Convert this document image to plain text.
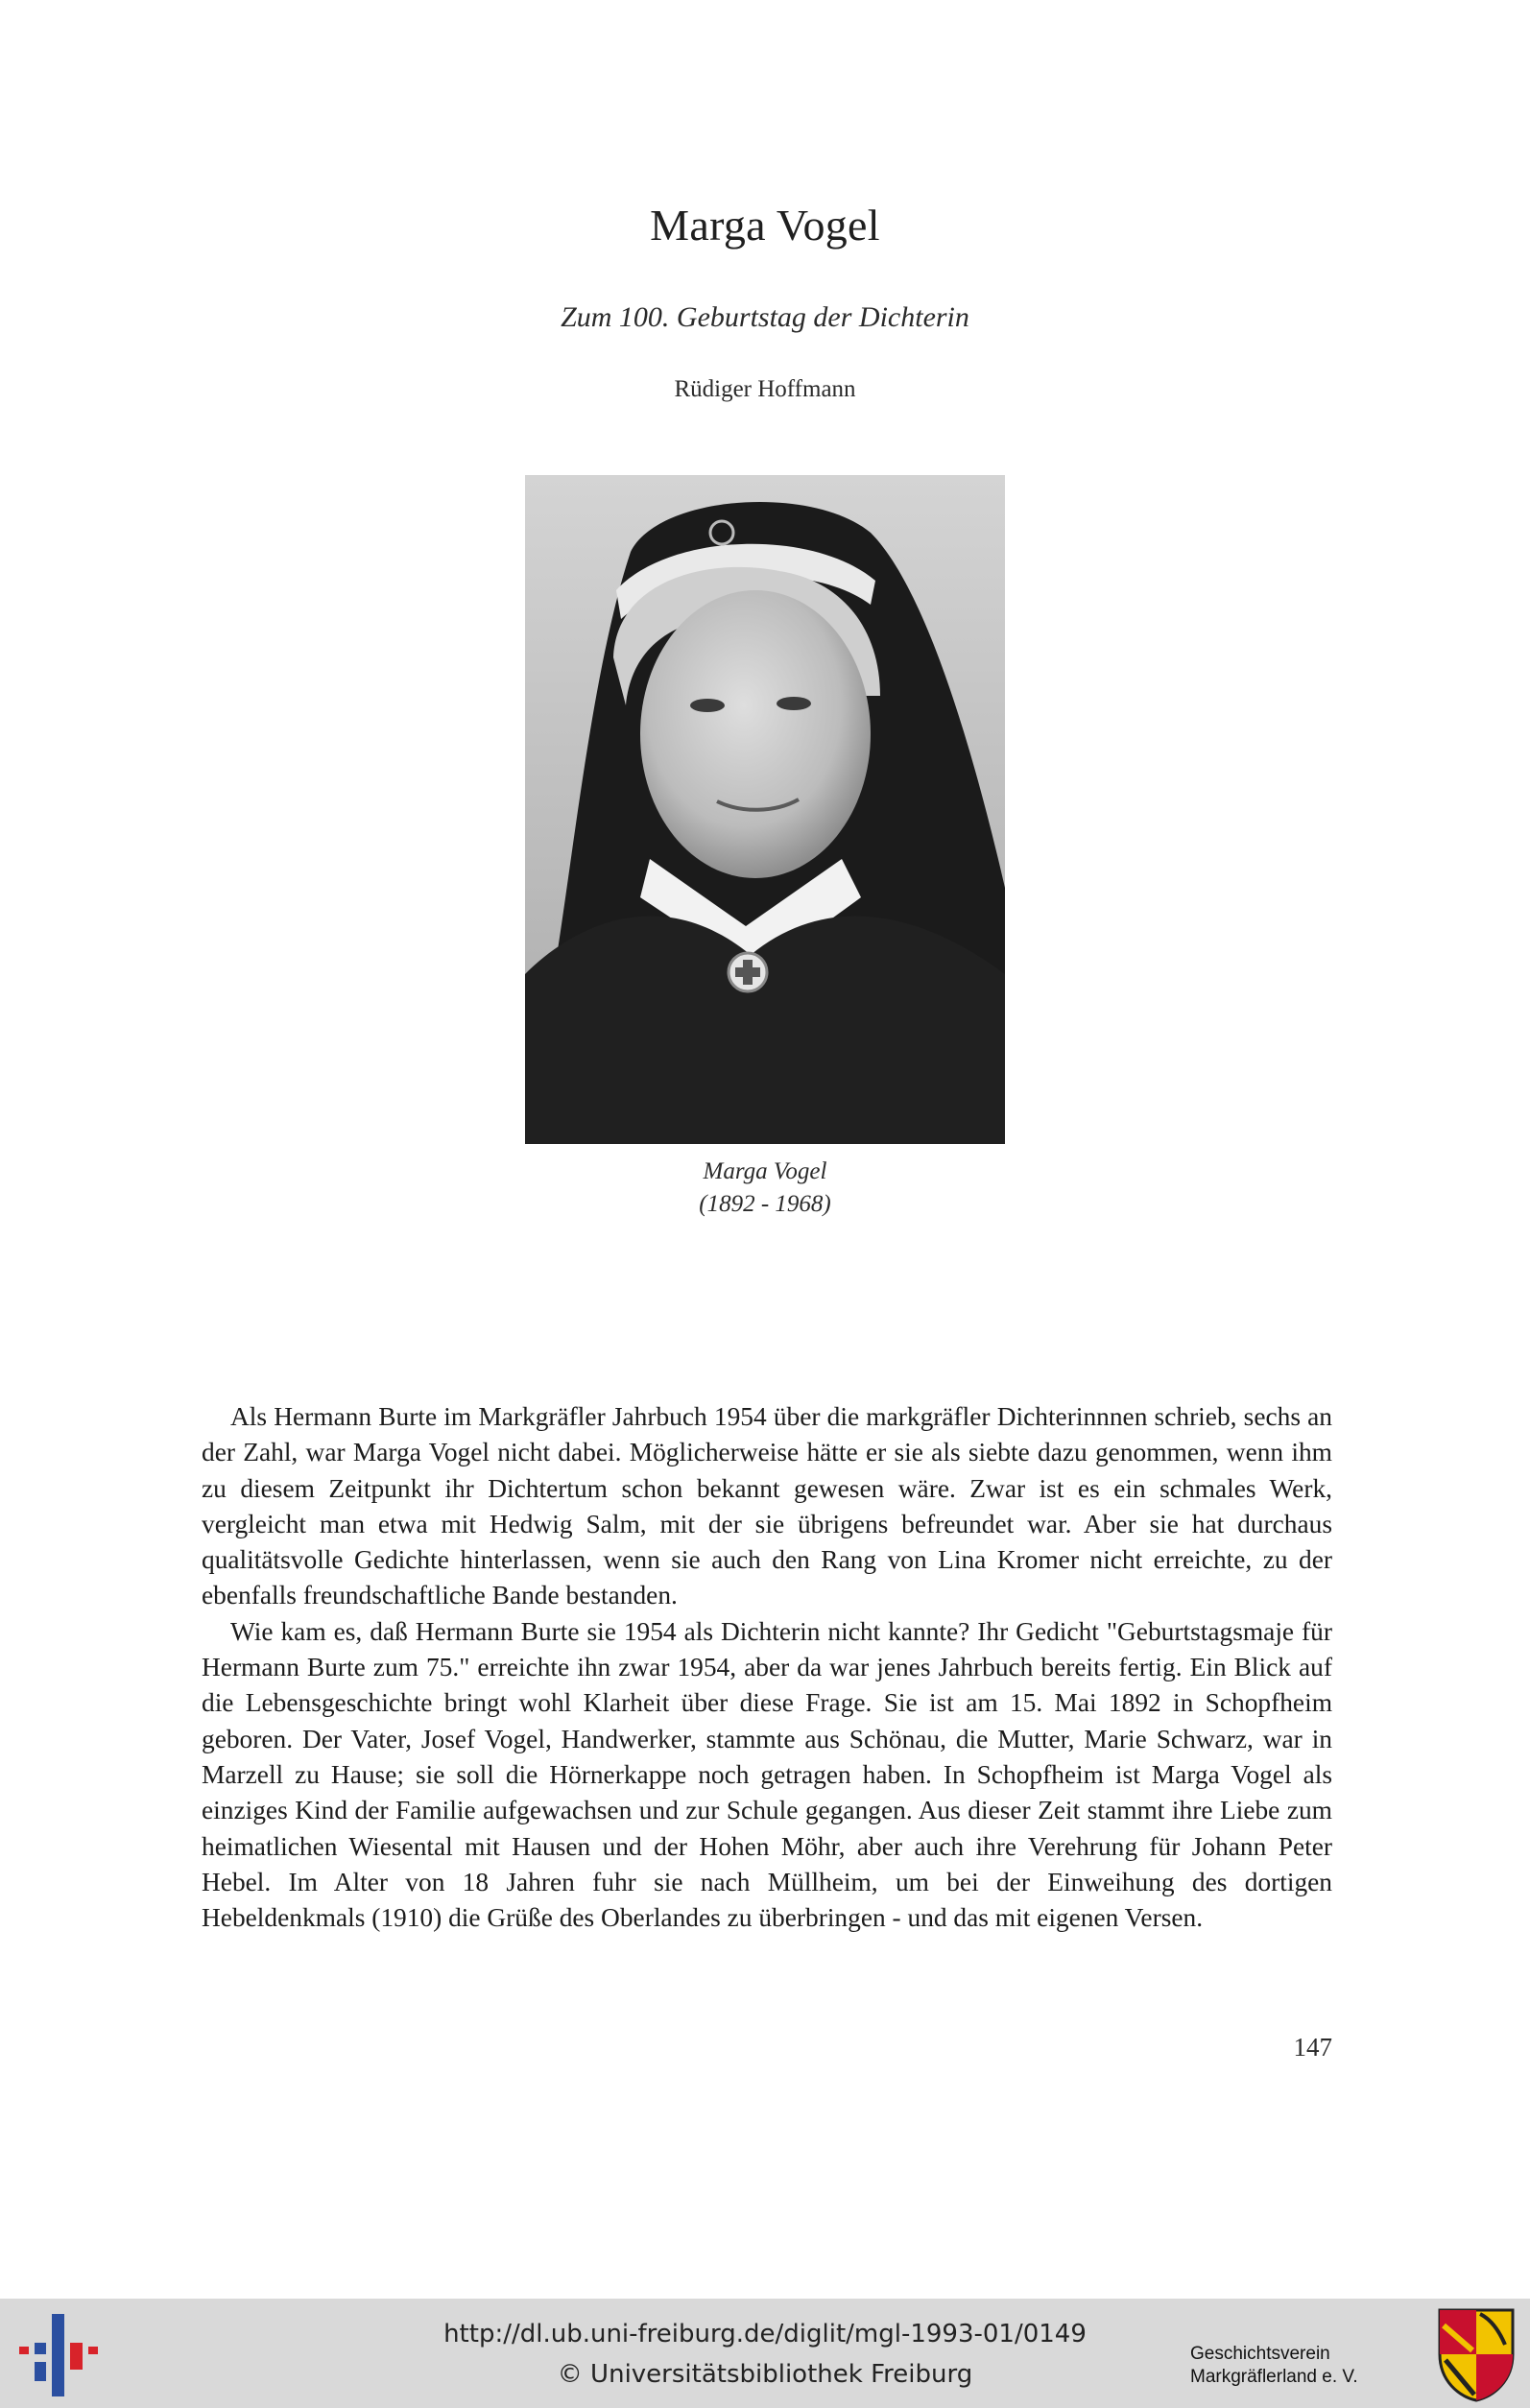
Marga Vogel
Zum 100. Geburtstag der Dichterin
Rüdiger Hoffmann
Marga Vogel
(1892 - 1968)

Als Hermann Burte im Markgräfler Jahrbuch 1954 über die markgräfler Dichterinnnen schrieb, sechs an der Zahl, war Marga Vogel nicht dabei. Möglicherweise hätte er sie als siebte dazu genommen, wenn ihm zu diesem Zeitpunkt ihr Dichtertum schon bekannt gewesen wäre. Zwar ist es ein schmales Werk, vergleicht man etwa mit Hedwig Salm, mit der sie übrigens befreundet war. Aber sie hat durchaus qualitätsvolle Gedichte hinterlassen, wenn sie auch den Rang von Lina Kromer nicht erreichte, zu der ebenfalls freundschaftliche Bande bestanden.

Wie kam es, daß Hermann Burte sie 1954 als Dichterin nicht kannte? Ihr Gedicht "Geburtstagsmaje für Hermann Burte zum 75." erreichte ihn zwar 1954, aber da war jenes Jahrbuch bereits fertig. Ein Blick auf die Lebensgeschichte bringt wohl Klarheit über diese Frage. Sie ist am 15. Mai 1892 in Schopfheim geboren. Der Vater, Josef Vogel, Handwerker, stammte aus Schönau, die Mutter, Marie Schwarz, war in Marzell zu Hause; sie soll die Hörnerkappe noch getragen haben. In Schopfheim ist Marga Vogel als einziges Kind der Familie aufgewachsen und zur Schule gegangen. Aus dieser Zeit stammt ihre Liebe zum heimatlichen Wiesental mit Hausen und der Hohen Möhr, aber auch ihre Verehrung für Johann Peter Hebel. Im Alter von 18 Jahren fuhr sie nach Müllheim, um bei der Einweihung des dortigen Hebeldenkmals (1910) die Grüße des Oberlandes zu überbringen - und das mit eigenen Versen.

147
http://dl.ub.uni-freiburg.de/diglit/mgl-1993-01/0149
© Universitätsbibliothek Freiburg
Geschichtsverein
Markgräflerland e. V.
